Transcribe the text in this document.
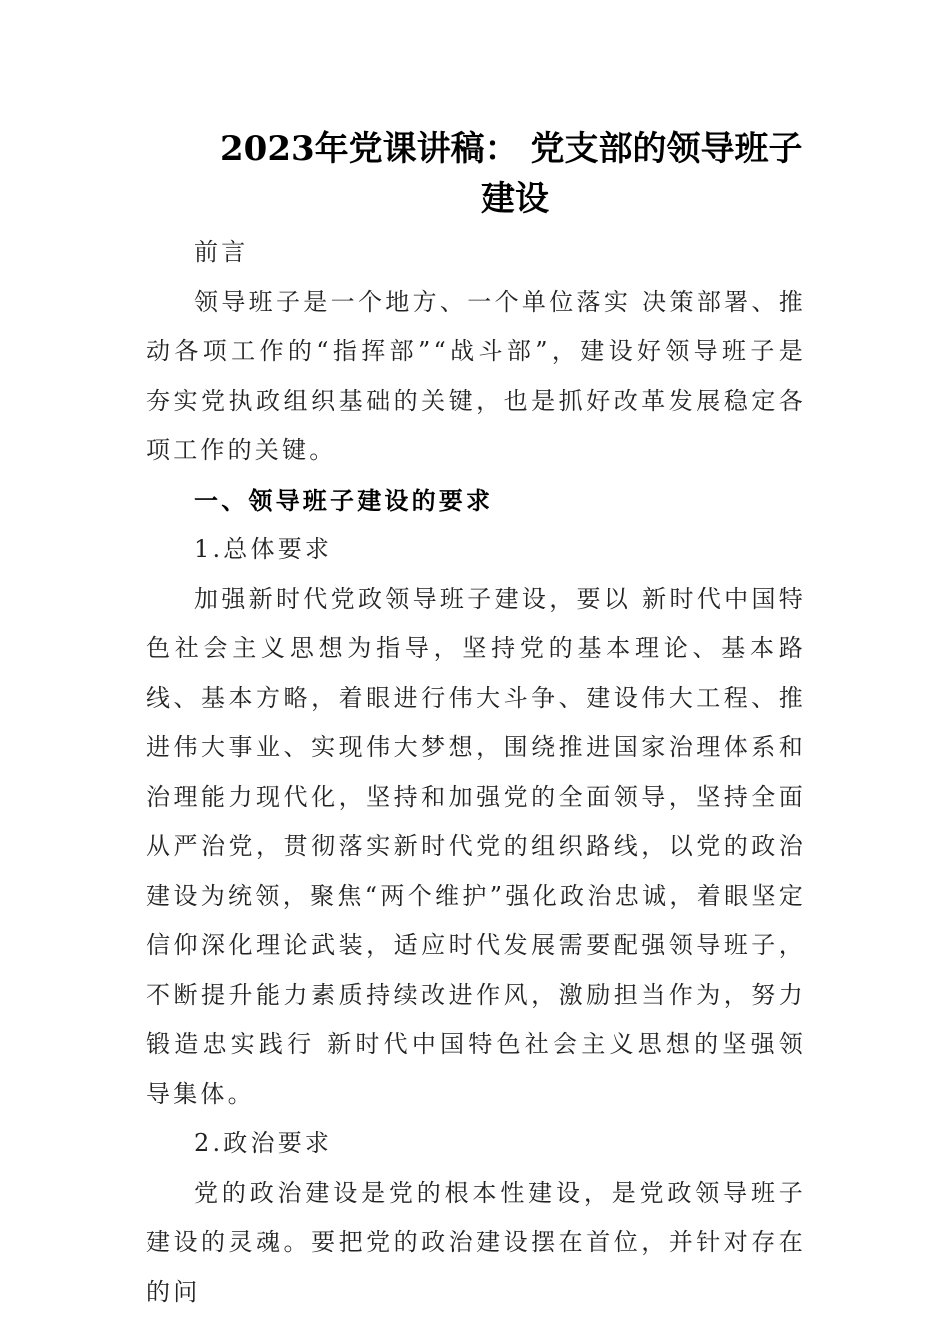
2023年党课讲稿： 党支部的领导班子
建设

前言

领导班子是一个地方、一个单位落实 决策部署、推动各项工作的“指挥部”“战斗部”，建设好领导班子是夯实党执政组织基础的关键，也是抓好改革发展稳定各项工作的关键。

一、领导班子建设的要求

1.总体要求

加强新时代党政领导班子建设，要以 新时代中国特色社会主义思想为指导，坚持党的基本理论、基本路线、基本方略，着眼进行伟大斗争、建设伟大工程、推进伟大事业、实现伟大梦想，围绕推进国家治理体系和治理能力现代化，坚持和加强党的全面领导，坚持全面从严治党，贯彻落实新时代党的组织路线，以党的政治建设为统领，聚焦“两个维护”强化政治忠诚，着眼坚定信仰深化理论武装，适应时代发展需要配强领导班子，不断提升能力素质持续改进作风，激励担当作为，努力锻造忠实践行 新时代中国特色社会主义思想的坚强领导集体。

2.政治要求

党的政治建设是党的根本性建设，是党政领导班子建设的灵魂。要把党的政治建设摆在首位，并针对存在的问
